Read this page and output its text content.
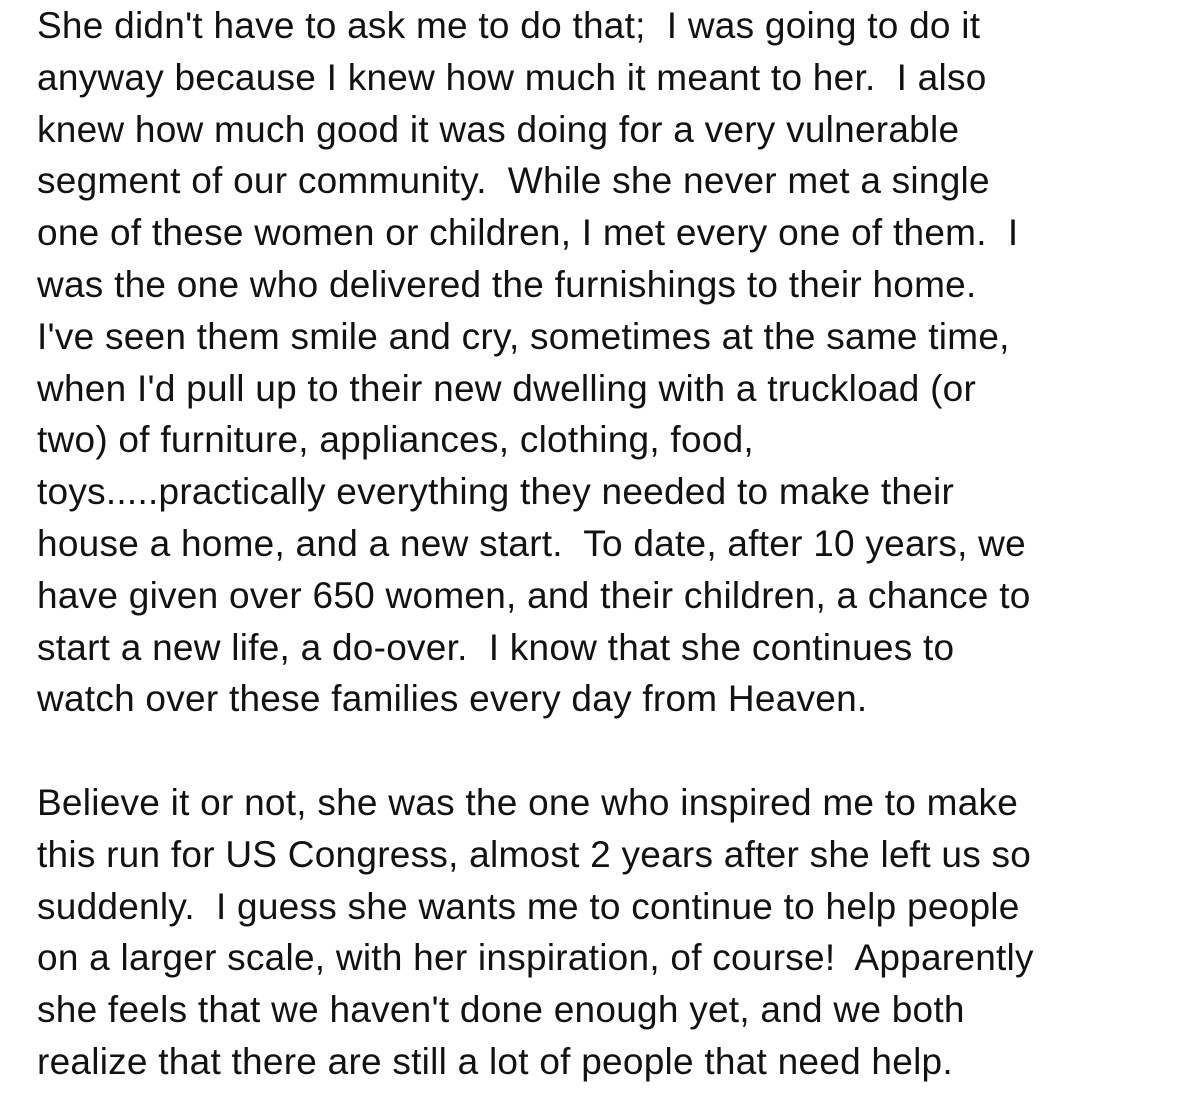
She didn't have to ask me to do that;  I was going to do it
anyway because I knew how much it meant to her.  I also
knew how much good it was doing for a very vulnerable
segment of our community.  While she never met a single
one of these women or children, I met every one of them.  I
was the one who delivered the furnishings to their home.
I've seen them smile and cry, sometimes at the same time,
when I'd pull up to their new dwelling with a truckload (or
two) of furniture, appliances, clothing, food,
toys.....practically everything they needed to make their
house a home, and a new start.  To date, after 10 years, we
have given over 650 women, and their children, a chance to
start a new life, a do-over.  I know that she continues to
watch over these families every day from Heaven.
Believe it or not, she was the one who inspired me to make
this run for US Congress, almost 2 years after she left us so
suddenly.  I guess she wants me to continue to help people
on a larger scale, with her inspiration, of course!  Apparently
she feels that we haven't done enough yet, and we both
realize that there are still a lot of people that need help.
